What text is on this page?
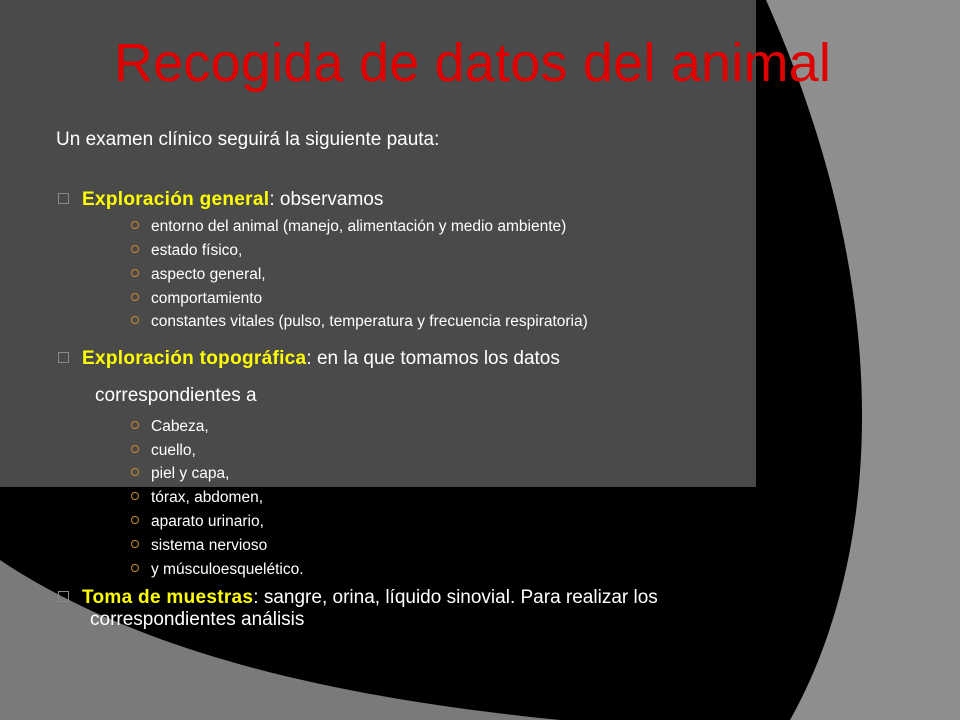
Recogida de datos del animal

Un examen clínico seguirá la siguiente pauta:

Exploración general: observamos
entorno del animal (manejo, alimentación y medio ambiente)
estado físico,
aspecto general,
comportamiento
constantes vitales (pulso, temperatura y frecuencia respiratoria)
Exploración topográfica: en la que tomamos los datos
correspondientes a
Cabeza,
cuello,
piel y capa,
tórax, abdomen,
aparato urinario,
sistema nervioso
y músculoesquelético.
Toma de muestras: sangre, orina, líquido sinovial. Para realizar los
correspondientes análisis
